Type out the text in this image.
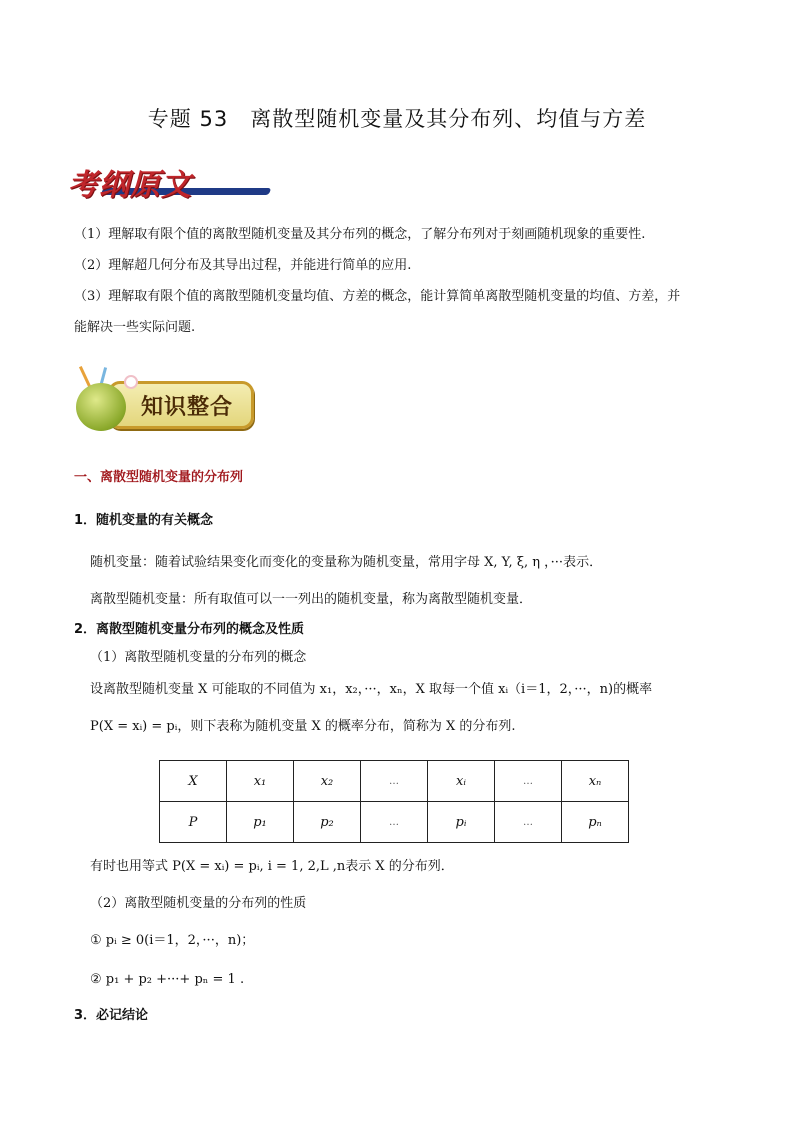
专题 53　离散型随机变量及其分布列、均值与方差
考纲原文
（1）理解取有限个值的离散型随机变量及其分布列的概念，了解分布列对于刻画随机现象的重要性.
（2）理解超几何分布及其导出过程，并能进行简单的应用.
（3）理解取有限个值的离散型随机变量均值、方差的概念，能计算简单离散型随机变量的均值、方差，并
能解决一些实际问题.
知识整合
一、离散型随机变量的分布列
1．随机变量的有关概念
随机变量：随着试验结果变化而变化的变量称为随机变量，常用字母 X, Y, ξ, η ，···表示．
离散型随机变量：所有取值可以一一列出的随机变量，称为离散型随机变量．
2．离散型随机变量分布列的概念及性质
（1）离散型随机变量的分布列的概念
设离散型随机变量 X 可能取的不同值为 x₁，x₂，···，xₙ，X 取每一个值 xᵢ（i＝1，2，···，n)的概率
P(X = xᵢ) = pᵢ，则下表称为随机变量 X 的概率分布，简称为 X 的分布列.
X	x₁	x₂	…	xᵢ	…	xₙ
P	p₁	p₂	…	pᵢ	…	pₙ
有时也用等式 P(X = xᵢ) = pᵢ, i = 1, 2,L ,n表示 X 的分布列．
（2）离散型随机变量的分布列的性质
① pᵢ ≥ 0(i＝1，2，···，n)；
② p₁ + p₂ +···+ pₙ = 1 .
3．必记结论
